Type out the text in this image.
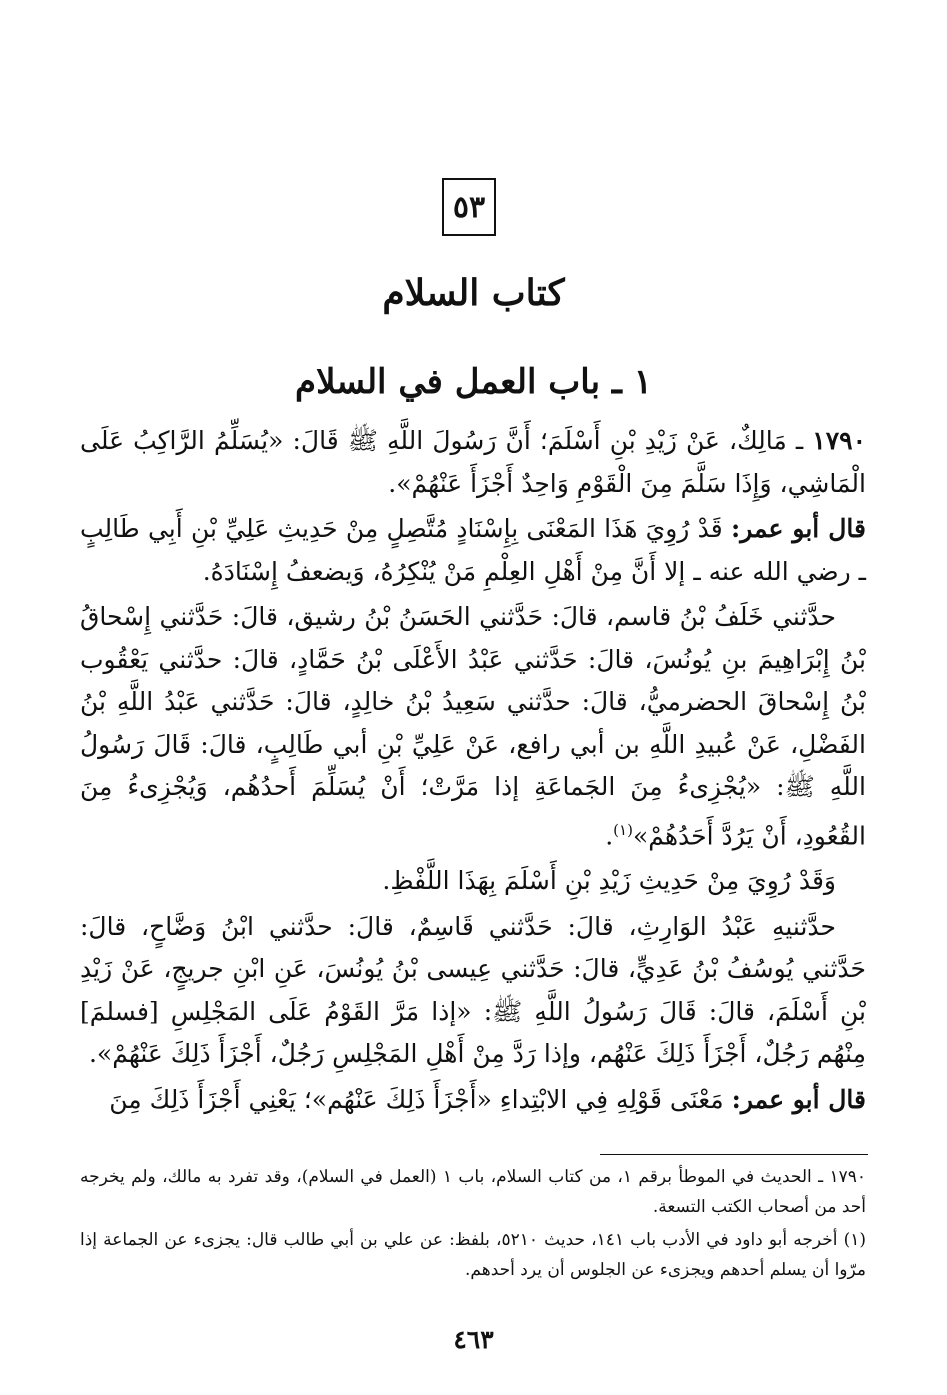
٥٣
كتاب السلام
١ ـ باب العمل في السلام

١٧٩٠ ـ مَالِكٌ، عَنْ زَيْدِ بْنِ أَسْلَمَ؛ أَنَّ رَسُولَ اللَّهِ ﷺ قَالَ: «يُسَلِّمُ الرَّاكِبُ عَلَى الْمَاشِي، وَإِذَا سَلَّمَ مِنَ الْقَوْمِ وَاحِدٌ أَجْزَأَ عَنْهُمْ».

قال أبو عمر: قَدْ رُوِيَ هَذَا المَعْنَى بِإِسْنَادٍ مُتَّصِلٍ مِنْ حَدِيثِ عَلِيِّ بْنِ أَبِي طَالِبٍ ـ رضي الله عنه ـ إلا أَنَّ مِنْ أَهْلِ العِلْمِ مَنْ يُنْكِرُهُ، وَيضعفُ إِسْنَادَهُ.

حدَّثني خَلَفُ بْنُ قاسم، قالَ: حَدَّثني الحَسَنُ بْنُ رشيق، قالَ: حَدَّثني إِسْحاقُ بْنُ إِبْرَاهِيمَ بنِ يُونُسَ، قالَ: حَدَّثني عَبْدُ الأَعْلَى بْنُ حَمَّادٍ، قالَ: حدَّثني يَعْقُوب بْنُ إِسْحاقَ الحضرميُّ، قالَ: حدَّثني سَعِيدُ بْنُ خالِدٍ، قالَ: حَدَّثني عَبْدُ اللَّهِ بْنُ الفَضْلِ، عَنْ عُبيدِ اللَّهِ بن أبي رافع، عَنْ عَلِيِّ بْنِ أبي طَالِبٍ، قالَ: قَالَ رَسُولُ اللَّهِ ﷺ: «يُجْزِىءُ مِنَ الجَماعَةِ إذا مَرَّتْ؛ أَنْ يُسَلِّمَ أَحدُهُم، وَيُجْزِىءُ مِنَ القُعُودِ، أَنْ يَرُدَّ أَحَدُهُمْ»$^{(١)}$.

وَقَدْ رُوِيَ مِنْ حَدِيثِ زَيْدِ بْنِ أَسْلَمَ بِهَذَا اللَّفْظِ.

حدَّثنيهِ عَبْدُ الوَارِثِ، قالَ: حَدَّثني قَاسِمٌ، قالَ: حدَّثني ابْنُ وَضَّاحٍ، قالَ: حَدَّثني يُوسُفُ بْنُ عَدِيٍّ، قالَ: حَدَّثني عِيسى بْنُ يُونُسَ، عَنِ ابْنِ جريجٍ، عَنْ زَيْدِ بْنِ أَسْلَمَ، قالَ: قَالَ رَسُولُ اللَّهِ ﷺ: «إذا مَرَّ القَوْمُ عَلَى المَجْلِسِ [فسلمَ] مِنْهُم رَجُلٌ، أَجْزَأَ ذَلِكَ عَنْهُم، وإذا رَدَّ مِنْ أَهْلِ المَجْلِسِ رَجُلٌ، أَجْزَأَ ذَلِكَ عَنْهُمْ».

قال أبو عمر: مَعْنَى قَوْلِهِ فِي الابْتِداءِ «أَجْزَأَ ذَلِكَ عَنْهُم»؛ يَعْنِي أَجْزَأَ ذَلِكَ مِنَ

١٧٩٠ ـ الحديث في الموطأ برقم ١، من كتاب السلام، باب ١ (العمل في السلام)، وقد تفرد به مالك، ولم يخرجه أحد من أصحاب الكتب التسعة.

(١) أخرجه أبو داود في الأدب باب ١٤١، حديث ٥٢١٠، بلفظ: عن علي بن أبي طالب قال: يجزىء عن الجماعة إذا مرّوا أن يسلم أحدهم ويجزىء عن الجلوس أن يرد أحدهم.

٤٦٣
